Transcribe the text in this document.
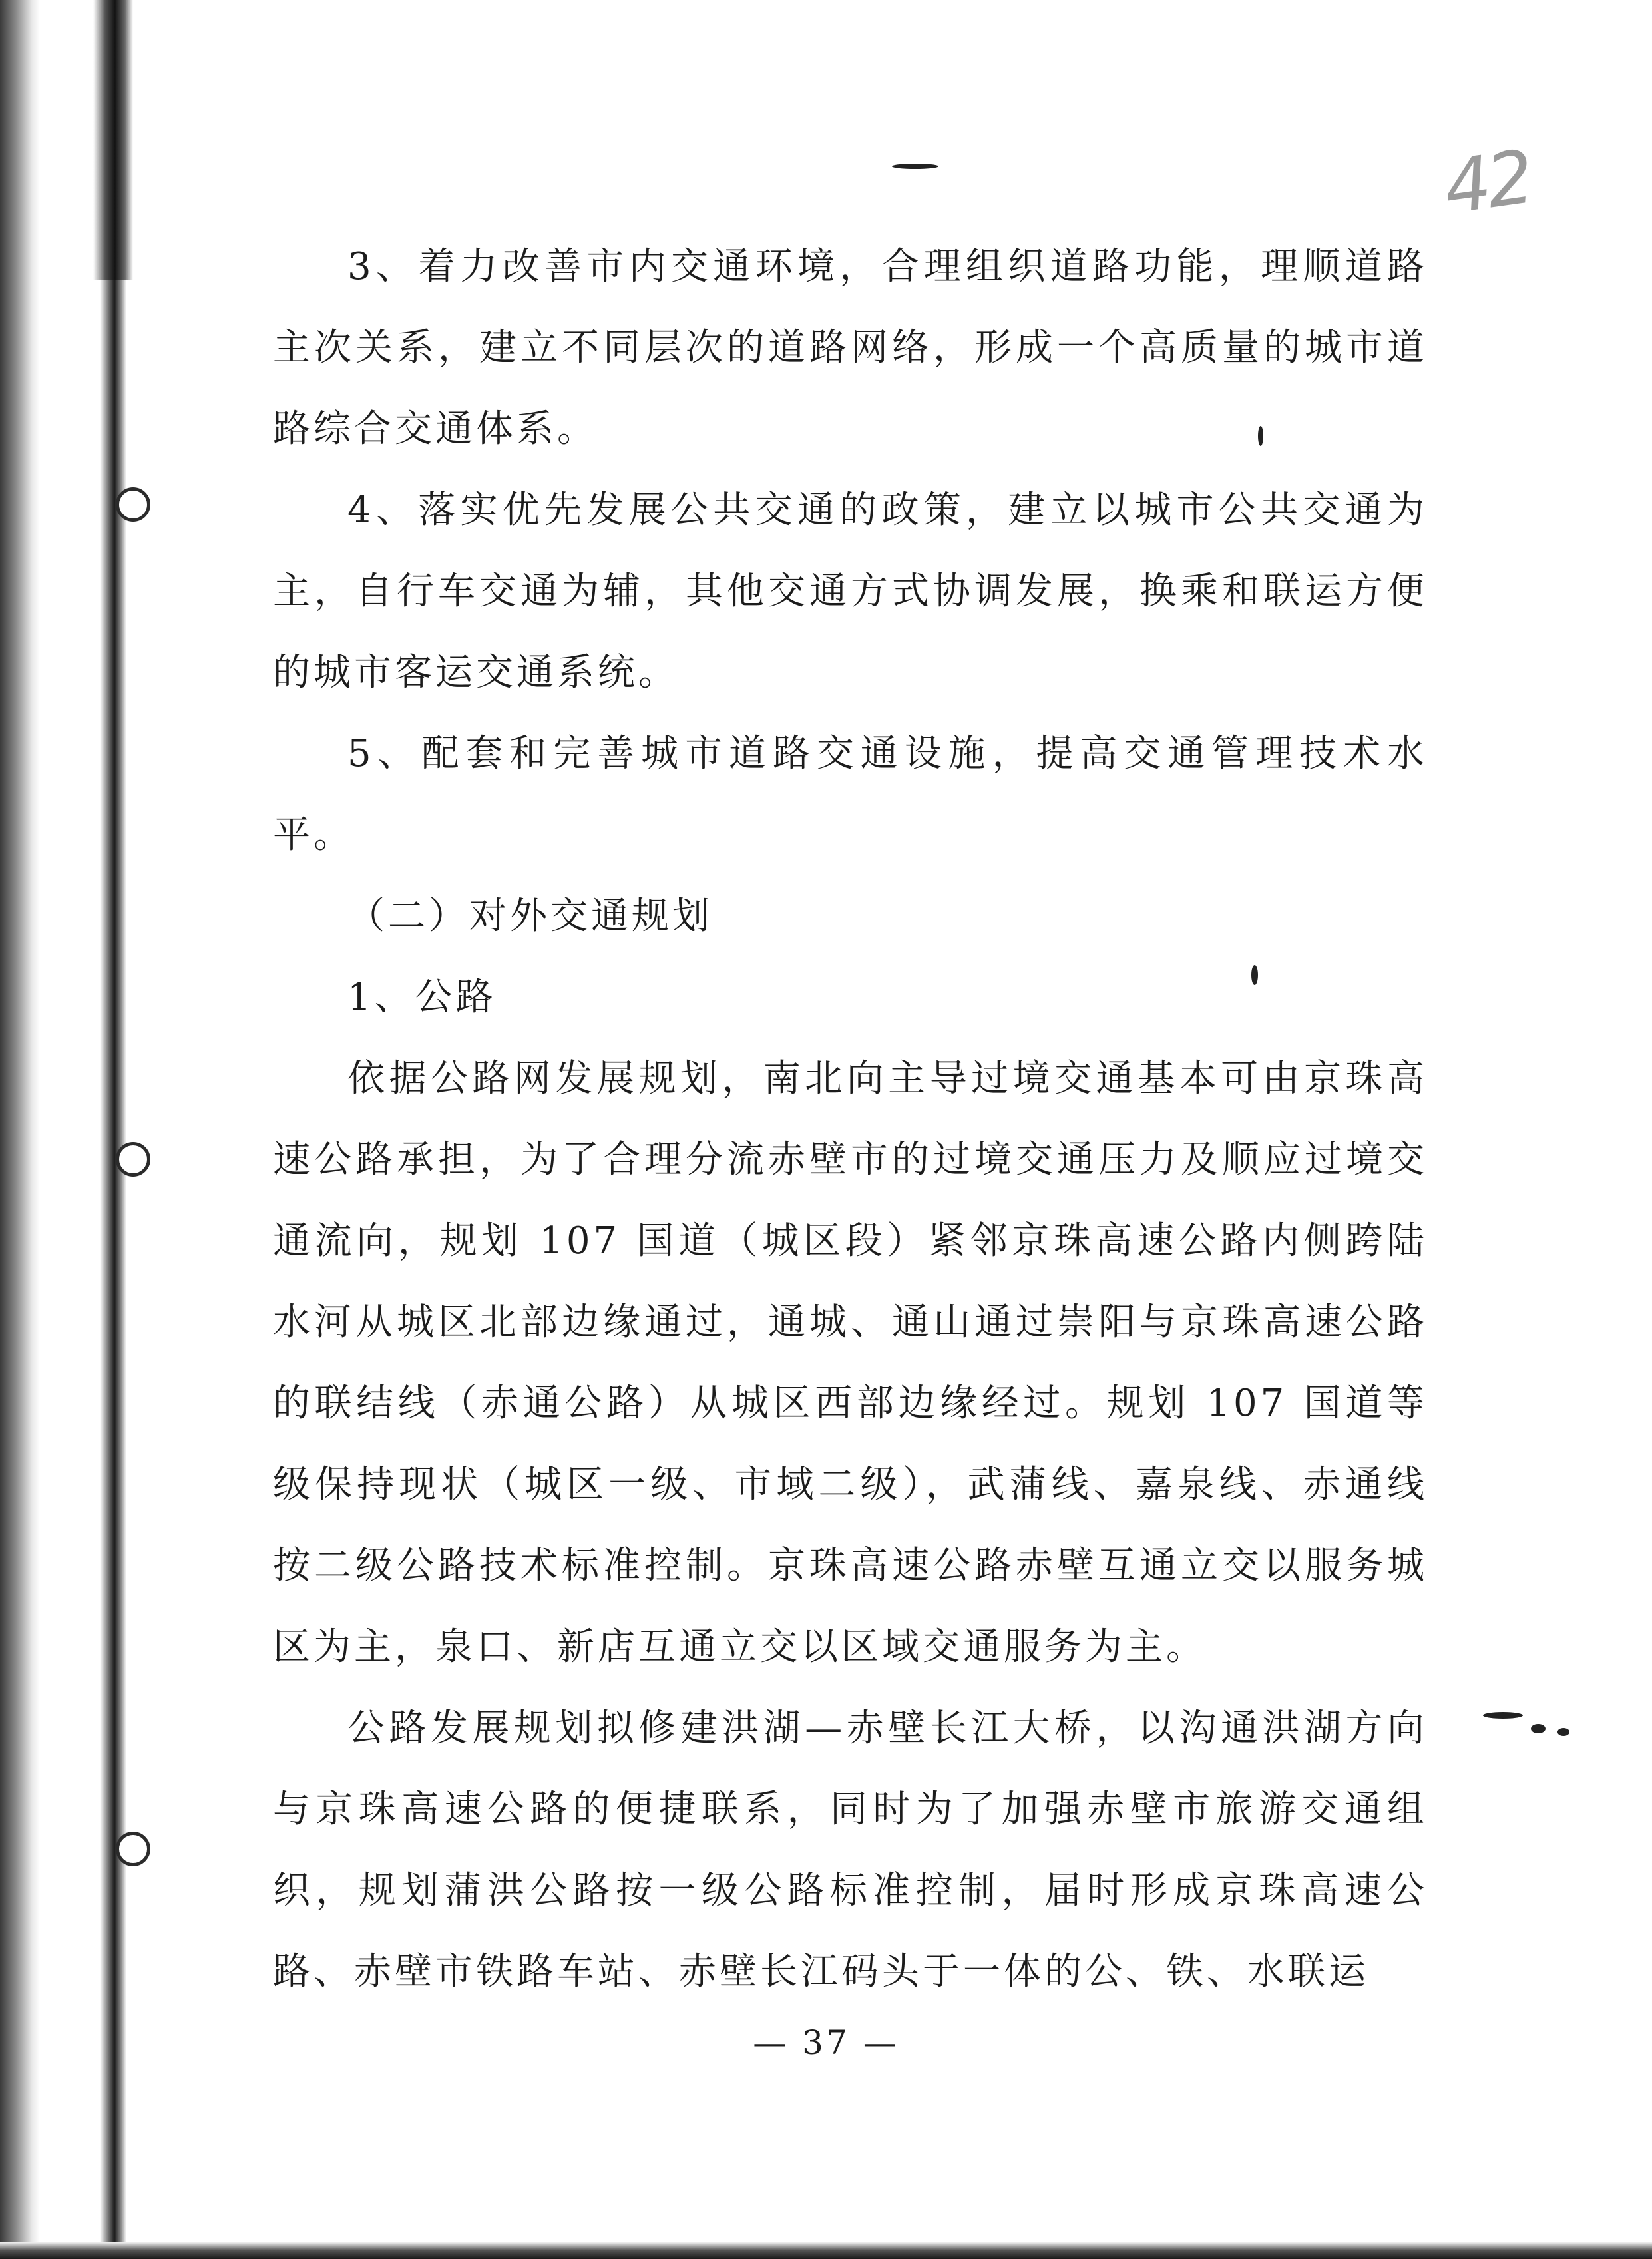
42

3、着力改善市内交通环境，合理组织道路功能，理顺道路主次关系，建立不同层次的道路网络，形成一个高质量的城市道路综合交通体系。

4、落实优先发展公共交通的政策，建立以城市公共交通为主，自行车交通为辅，其他交通方式协调发展，换乘和联运方便的城市客运交通系统。

5、配套和完善城市道路交通设施，提高交通管理技术水平。

（二）对外交通规划

1、公路

依据公路网发展规划，南北向主导过境交通基本可由京珠高速公路承担，为了合理分流赤壁市的过境交通压力及顺应过境交通流向，规划 107 国道（城区段）紧邻京珠高速公路内侧跨陆水河从城区北部边缘通过，通城、通山通过崇阳与京珠高速公路的联结线（赤通公路）从城区西部边缘经过。规划 107 国道等级保持现状（城区一级、市域二级），武蒲线、嘉泉线、赤通线按二级公路技术标准控制。京珠高速公路赤壁互通立交以服务城区为主，泉口、新店互通立交以区域交通服务为主。

公路发展规划拟修建洪湖—赤壁长江大桥，以沟通洪湖方向与京珠高速公路的便捷联系，同时为了加强赤壁市旅游交通组织，规划蒲洪公路按一级公路标准控制，届时形成京珠高速公路、赤壁市铁路车站、赤壁长江码头于一体的公、铁、水联运

— 37 —
